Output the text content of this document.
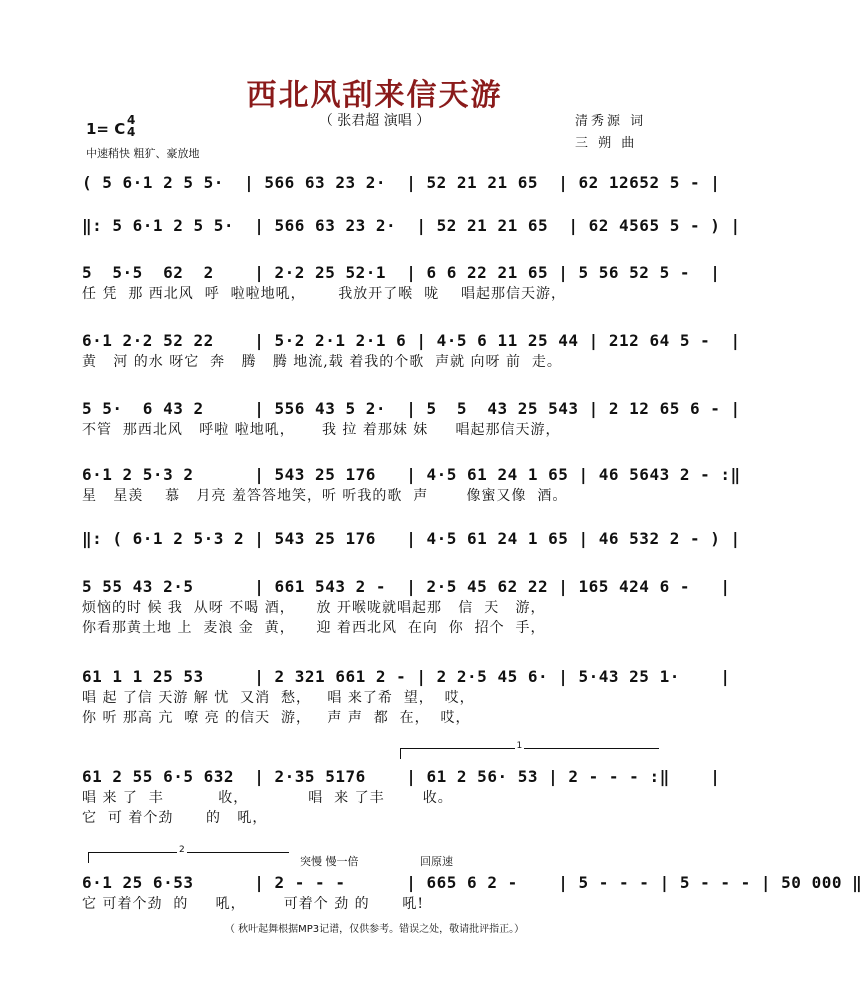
西北风刮来信天游
（ 张君超 演唱 ）
1= C 4
4
中速稍快 粗犷、豪放地
清秀源 词
三 朔 曲
( 5 6·1 2 5 5·  | 566 63 23 2·  | 52 21 21 65  | 62 12652 5 - |
‖: 5 6·1 2 5 5·  | 566 63 23 2·  | 52 21 21 65  | 62 4565 5 - ) |
5  5·5  62  2    | 2·2 25 52·1  | 6 6 22 21 65 | 5 56 52 5 -  |
任 凭  那 西北风  呼  啦啦地吼，      我放开了喉  咙    唱起那信天游，
6·1 2·2 52 22    | 5·2 2·1 2·1 6 | 4·5 6 11 25 44 | 212 64 5 -  |
黄   河 的水 呀它  奔   腾   腾 地流,载 着我的个歌  声就 向呀 前  走。
5 5·  6 43 2     | 556 43 5 2·  | 5  5  43 25 543 | 2 12 65 6 - |
不管  那西北风   呼啦 啦地吼，     我 拉 着那妹 妹     唱起那信天游，
6·1 2 5·3 2      | 543 25 176   | 4·5 61 24 1 65 | 46 5643 2 - :‖
星   星羡    慕   月亮 羞答答地笑，听 听我的歌  声       像蜜又像  酒。
‖: ( 6·1 2 5·3 2 | 543 25 176   | 4·5 61 24 1 65 | 46 532 2 - ) |
5 55 43 2·5      | 661 543 2 -  | 2·5 45 62 22 | 165 424 6 -   |
烦恼的时 候 我  从呀 不喝 酒，    放 开喉咙就唱起那   信  天   游，
你看那黄土地 上  麦浪 金  黄，    迎 着西北风  在向  你  招个  手，
61 1 1 25 53     | 2 321 661 2 - | 2 2·5 45 6· | 5·43 25 1·    |
唱 起 了信 天游 解 忧  又消  愁，   唱 来了希  望，  哎，
你 听 那高 亢  嘹 亮 的信天  游，   声 声  都  在，  哎，
1
61 2 55 6·5 632  | 2·35 5176    | 61 2 56· 53 | 2 - - - :‖    |
唱 来 了  丰          收，           唱  来 了丰       收。
它  可 着个劲      的   吼，
2
突慢 慢一倍	回原速
6·1 25 6·53      | 2 - - -      | 665 6 2 -    | 5 - - - | 5 - - - | 50 000 ‖
它 可着个劲  的     吼，       可着个 劲 的      吼!
（ 秋叶起舞根据MP3记谱，仅供参考。错误之处，敬请批评指正。）
